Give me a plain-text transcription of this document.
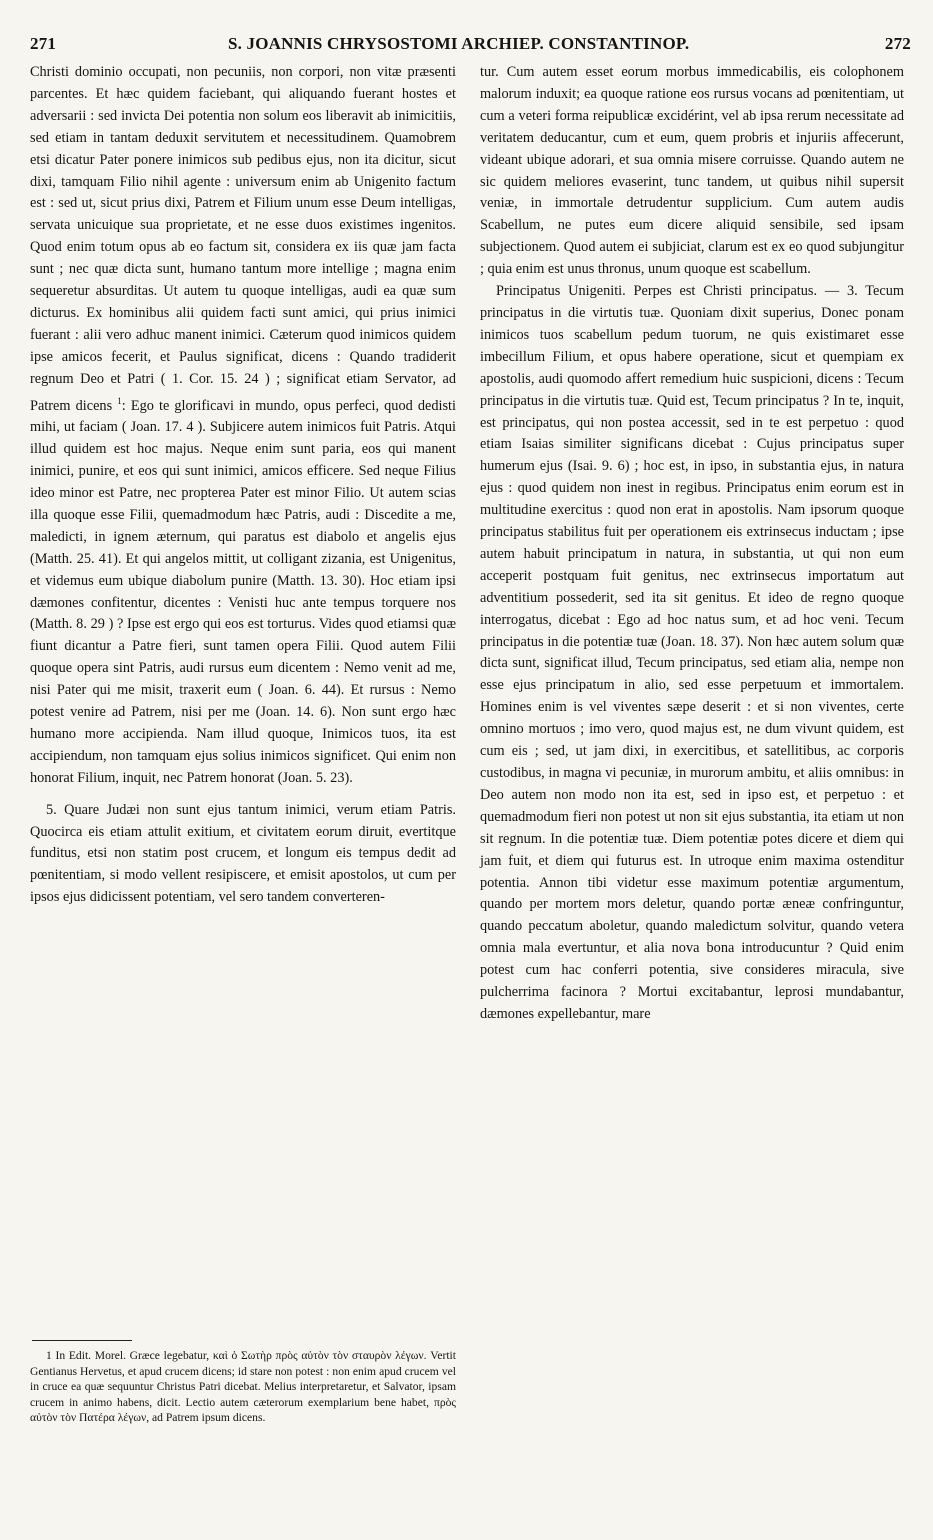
271	S. JOANNIS CHRYSOSTOMI ARCHIEP. CONSTANTINOP.	272

Christi dominio occupati, non pecuniis, non corpori, non vitæ præsenti parcentes. Et hæc quidem faciebant, qui aliquando fuerant hostes et adversarii : sed invicta Dei potentia non solum eos liberavit ab inimicitiis, sed etiam in tantam deduxit servitutem et necessitudinem. Quamobrem etsi dicatur Pater ponere inimicos sub pedibus ejus, non ita dicitur, sicut dixi, tamquam Filio nihil agente : universum enim ab Unigenito factum est : sed ut, sicut prius dixi, Patrem et Filium unum esse Deum intelligas, servata unicuique sua proprietate, et ne esse duos existimes ingenitos. Quod enim totum opus ab eo factum sit, considera ex iis quæ jam facta sunt ; nec quæ dicta sunt, humano tantum more intellige ; magna enim sequeretur absurditas. Ut autem tu quoque intelligas, audi ea quæ sum dicturus. Ex hominibus alii quidem facti sunt amici, qui prius inimici fuerant : alii vero adhuc manent inimici. Cæterum quod inimicos quidem ipse amicos fecerit, et Paulus significat, dicens : Quando tradiderit regnum Deo et Patri ( 1. Cor. 15. 24 ) ; significat etiam Servator, ad Patrem dicens $^1$: Ego te glorificavi in mundo, opus perfeci, quod dedisti mihi, ut faciam ( Joan. 17. 4 ). Subjicere autem inimicos fuit Patris. Atqui illud quidem est hoc majus. Neque enim sunt paria, eos qui manent inimici, punire, et eos qui sunt inimici, amicos efficere. Sed neque Filius ideo minor est Patre, nec propterea Pater est minor Filio. Ut autem scias illa quoque esse Filii, quemadmodum hæc Patris, audi : Discedite a me, maledicti, in ignem æternum, qui paratus est diabolo et angelis ejus (Matth. 25. 41). Et qui angelos mittit, ut colligant zizania, est Unigenitus, et videmus eum ubique diabolum punire (Matth. 13. 30). Hoc etiam ipsi dæmones confitentur, dicentes : Venisti huc ante tempus torquere nos (Matth. 8. 29 ) ? Ipse est ergo qui eos est torturus. Vides quod etiamsi quæ fiunt dicantur a Patre fieri, sunt tamen opera Filii. Quod autem Filii quoque opera sint Patris, audi rursus eum dicentem : Nemo venit ad me, nisi Pater qui me misit, traxerit eum ( Joan. 6. 44). Et rursus : Nemo potest venire ad Patrem, nisi per me (Joan. 14. 6). Non sunt ergo hæc humano more accipienda. Nam illud quoque, Inimicos tuos, ita est accipiendum, non tamquam ejus solius inimicos significet. Qui enim non honorat Filium, inquit, nec Patrem honorat (Joan. 5. 23).

5. Quare Judæi non sunt ejus tantum inimici, verum etiam Patris. Quocirca eis etiam attulit exitium, et civitatem eorum diruit, evertitque funditus, etsi non statim post crucem, et longum eis tempus dedit ad pœnitentiam, si modo vellent resipiscere, et emisit apostolos, ut cum per ipsos ejus didicissent potentiam, vel sero tandem converteren-

1 In Edit. Morel. Græce legebatur, καὶ ὁ Σωτὴρ πρὸς αὐτὸν τὸν σταυρὸν λέγων. Vertit Gentianus Hervetus, et apud crucem dicens; id stare non potest : non enim apud crucem vel in cruce ea quæ sequuntur Christus Patri dicebat. Melius interpretaretur, et Salvator, ipsam crucem in animo habens, dicit. Lectio autem cæterorum exemplarium bene habet, πρὸς αὐτὸν τὸν Πατέρα λέγων, ad Patrem ipsum dicens.

tur. Cum autem esset eorum morbus immedicabilis, eis colophonem malorum induxit; ea quoque ratione eos rursus vocans ad pœnitentiam, ut cum a veteri forma reipublicæ excidérint, vel ab ipsa rerum necessitate ad veritatem deducantur, cum et eum, quem probris et injuriis affecerunt, videant ubique adorari, et sua omnia misere corruisse. Quando autem ne sic quidem meliores evaserint, tunc tandem, ut quibus nihil supersit veniæ, in immortale detrudentur supplicium. Cum autem audis Scabellum, ne putes eum dicere aliquid sensibile, sed ipsam subjectionem. Quod autem ei subjiciat, clarum est ex eo quod subjungitur ; quia enim est unus thronus, unum quoque est scabellum.

Principatus Unigeniti. Perpes est Christi principatus. — 3. Tecum principatus in die virtutis tuæ. Quoniam dixit superius, Donec ponam inimicos tuos scabellum pedum tuorum, ne quis existimaret esse imbecillum Filium, et opus habere operatione, sicut et quempiam ex apostolis, audi quomodo affert remedium huic suspicioni, dicens : Tecum principatus in die virtutis tuæ. Quid est, Tecum principatus ? In te, inquit, est principatus, qui non postea accessit, sed in te est perpetuo : quod etiam Isaias similiter significans dicebat : Cujus principatus super humerum ejus (Isai. 9. 6) ; hoc est, in ipso, in substantia ejus, in natura ejus : quod quidem non inest in regibus. Principatus enim eorum est in multitudine exercitus : quod non erat in apostolis. Nam ipsorum quoque principatus stabilitus fuit per operationem eis extrinsecus inductam ; ipse autem habuit principatum in natura, in substantia, ut qui non eum acceperit postquam fuit genitus, nec extrinsecus importatum aut adventitium possederit, sed ita sit genitus. Et ideo de regno quoque interrogatus, dicebat : Ego ad hoc natus sum, et ad hoc veni. Tecum principatus in die potentiæ tuæ (Joan. 18. 37). Non hæc autem solum quæ dicta sunt, significat illud, Tecum principatus, sed etiam alia, nempe non esse ejus principatum in alio, sed esse perpetuum et immortalem. Homines enim is vel viventes sæpe deserit : et si non viventes, certe omnino mortuos ; imo vero, quod majus est, ne dum vivunt quidem, est cum eis ; sed, ut jam dixi, in exercitibus, et satellitibus, ac corporis custodibus, in magna vi pecuniæ, in murorum ambitu, et aliis omnibus: in Deo autem non modo non ita est, sed in ipso est, et perpetuo : et quemadmodum fieri non potest ut non sit ejus substantia, ita etiam ut non sit regnum. In die potentiæ tuæ. Diem potentiæ potes dicere et diem qui jam fuit, et diem qui futurus est. In utroque enim maxima ostenditur potentia. Annon tibi videtur esse maximum potentiæ argumentum, quando per mortem mors deletur, quando portæ æneæ confringuntur, quando peccatum aboletur, quando maledictum solvitur, quando vetera omnia mala evertuntur, et alia nova bona introducuntur ? Quid enim potest cum hac conferri potentia, sive consideres miracula, sive pulcherrima facinora ? Mortui excitabantur, leprosi mundabantur, dæmones expellebantur, mare
